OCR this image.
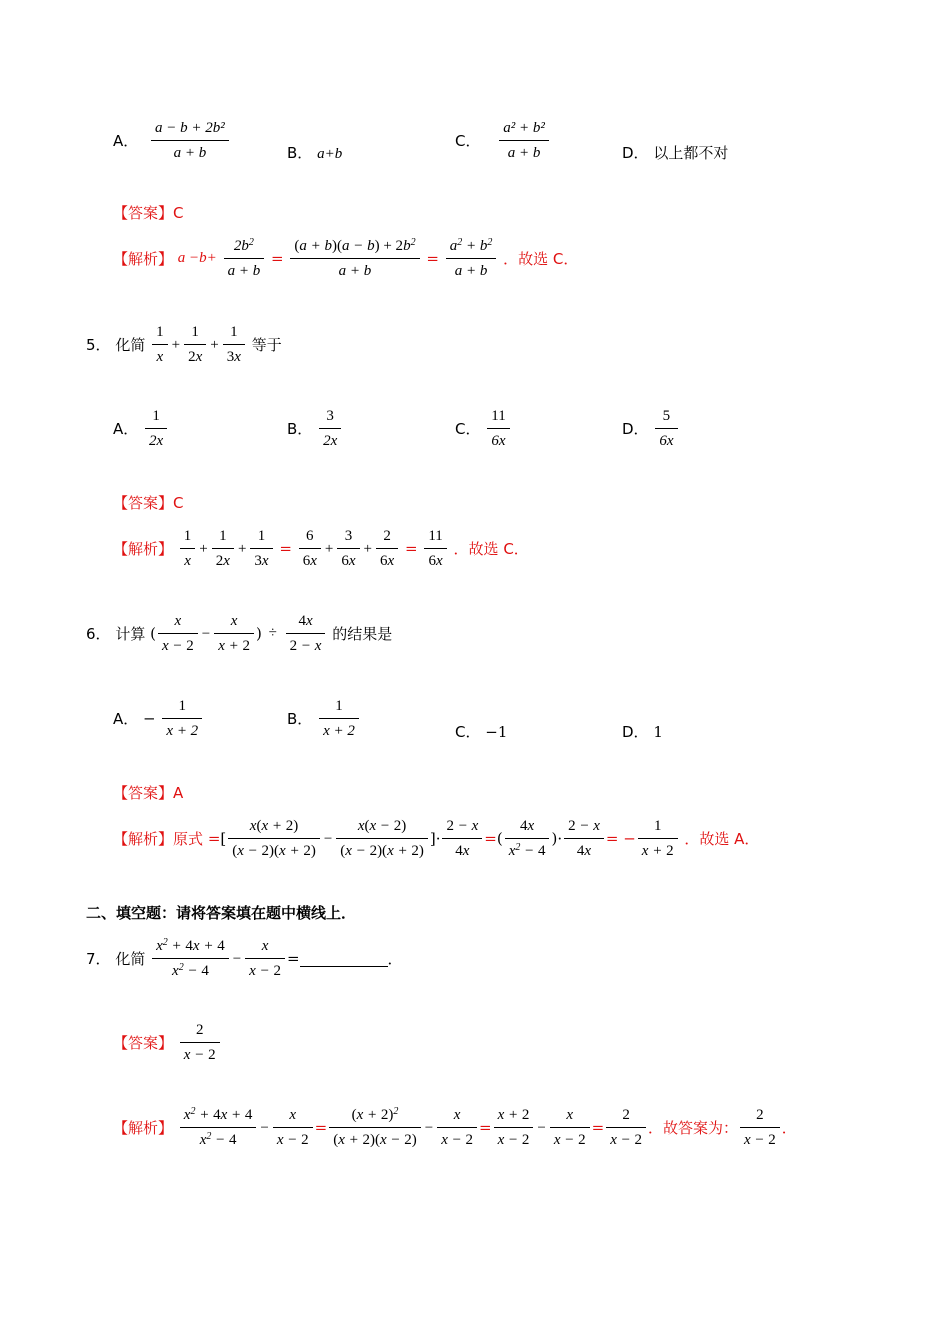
A． $\frac{\text{a − b + 2b²}}{a + b}$	B． a+b
C． $\frac{\text{a² + b²}}{a + b}$	D． 以上都不对
【答案】C
【解析】 $a -b+ \frac{2b^2}{a + b} = \frac{(a + b)(a - b) + 2b^2}{a + b} = \frac{a^2 + b^2}{a + b}$ ．故选 C．
5． 化简 $\frac{1}{x} + \frac{1}{2x} + \frac{1}{3x}$ 等于
A． $\frac{1}{2x}$	B． $\frac{3}{2x}$	C． $\frac{11}{6x}$	D． $\frac{5}{6x}$
【答案】C
【解析】 $\frac{1}{x} + \frac{1}{2x} + \frac{1}{3x} = \frac{6}{6x} + \frac{3}{6x} + \frac{2}{6x} = \frac{11}{6x}$ ．故选 C．
6． 计算 ( $\frac{x}{x - 2} - \frac{x}{x + 2}$ ) ÷ $\frac{4x}{2 - x}$ 的结果是
A． − $\frac{1}{x + 2}$	B． $\frac{1}{x + 2}$	C． −1	D． 1
【答案】A
【解析】原式 =[ $\frac{x(x + 2)}{(x - 2)(x + 2)} - \frac{x(x - 2)}{(x - 2)(x + 2)}$ ]· $\frac{2 - x}{4x}$ =( $\frac{4x}{x^2 - 4}$ )· $\frac{2 - x}{4x}$ = − $\frac{1}{x + 2}$ ．故选 A．
二、填空题：请将答案填在题中横线上．
7． 化简 $\frac{x^2 + 4x + 4}{x^2 - 4} - \frac{x}{x - 2}$ =	．
【答案】 $\frac{2}{x - 2}$
【解析】 $\frac{x^2 + 4x + 4}{x^2 - 4} - \frac{x}{x - 2} = \frac{(x + 2)^2}{(x + 2)(x - 2)} - \frac{x}{x - 2} = \frac{x + 2}{x - 2} - \frac{x}{x - 2} = \frac{2}{x - 2}$ ．故答案为： $\frac{2}{x - 2}$ ．
